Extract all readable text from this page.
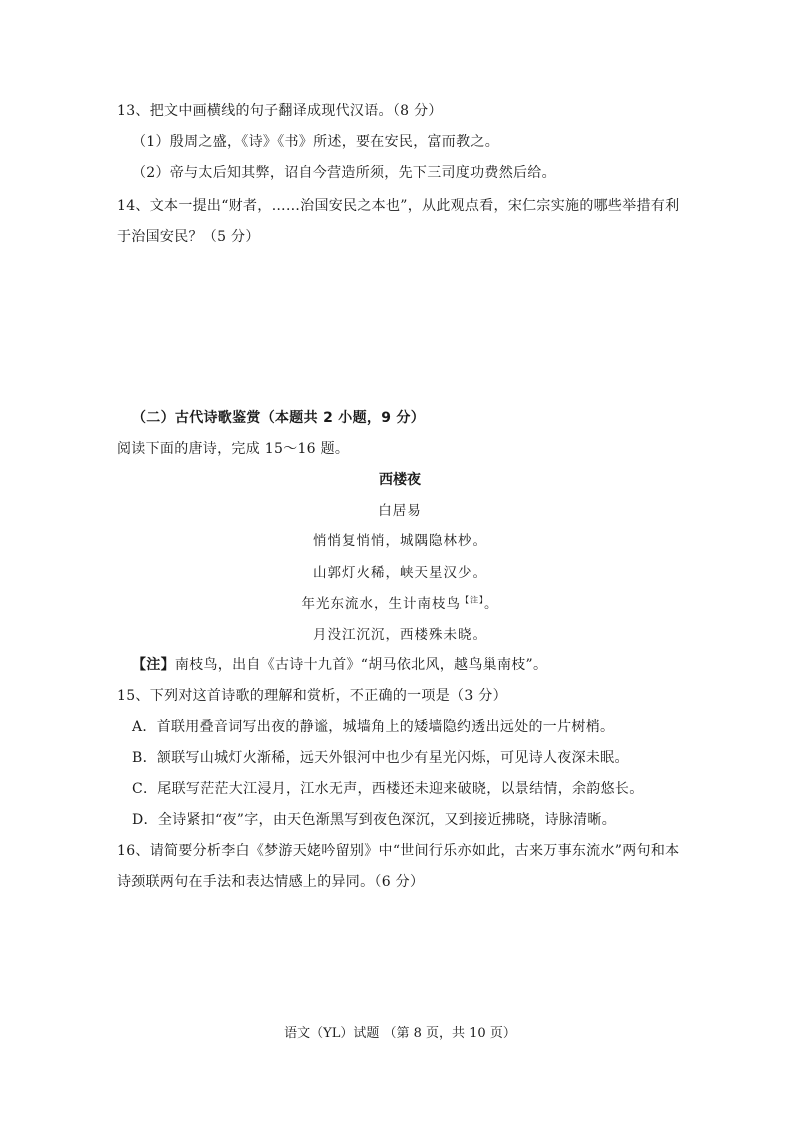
13、把文中画横线的句子翻译成现代汉语。（8 分）
（1）殷周之盛，《诗》《书》所述，要在安民，富而教之。
（2）帝与太后知其弊，诏自今营造所须，先下三司度功费然后给。
14、文本一提出“财者，……治国安民之本也”，从此观点看，宋仁宗实施的哪些举措有利
于治国安民？（5 分）
（二）古代诗歌鉴赏（本题共 2 小题，9 分）
阅读下面的唐诗，完成 15～16 题。
西楼夜
白居易
悄悄复悄悄，城隅隐林杪。
山郭灯火稀，峡天星汉少。
年光东流水，生计南枝鸟$^{【注】}$。
月没江沉沉，西楼殊未晓。
【注】南枝鸟，出自《古诗十九首》“胡马依北风，越鸟巢南枝”。
15、下列对这首诗歌的理解和赏析，不正确的一项是（3 分）
A．首联用叠音词写出夜的静谧，城墙角上的矮墙隐约透出远处的一片树梢。
B．颔联写山城灯火渐稀，远天外银河中也少有星光闪烁，可见诗人夜深未眠。
C．尾联写茫茫大江浸月，江水无声，西楼还未迎来破晓，以景结情，余韵悠长。
D．全诗紧扣“夜”字，由天色渐黑写到夜色深沉，又到接近拂晓，诗脉清晰。
16、请简要分析李白《梦游天姥吟留别》中“世间行乐亦如此，古来万事东流水”两句和本
诗颈联两句在手法和表达情感上的异同。（6 分）
语文（YL）试题 （第 8 页，共 10 页）
